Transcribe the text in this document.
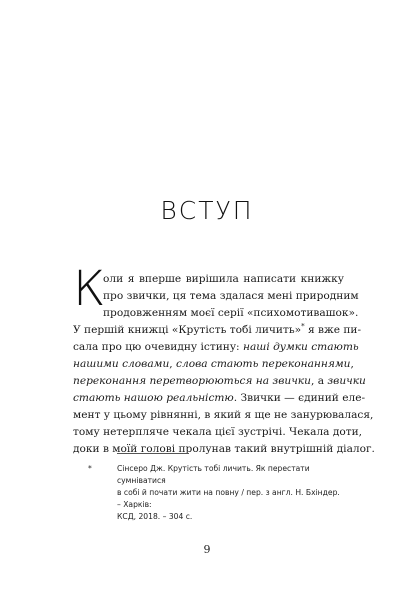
ВСТУП
К
оли я вперше вирішила написати книжку
про звички, ця тема здалася мені природним
продовженням моєї серії «психомотивашок».
У першій книжці «Крутість тобі личить»* я вже пи-
сала про цю очевидну істину: наші думки стають
нашими словами, слова стають переконаннями,
переконання перетворюються на звички, а звички
стають нашою реальністю. Звички — єдиний еле-
мент у цьому рівнянні, в який я ще не занурювалася,
тому нетерпляче чекала цієї зустрічі. Чекала доти,
доки в моїй голові пролунав такий внутрішній діалог.
*	Сінсеро Дж. Крутість тобі личить. Як перестати сумніватися
в собі й почати жити на повну / пер. з англ. Н. Бхіндер. – Харків:
КСД, 2018. – 304 с.
9
